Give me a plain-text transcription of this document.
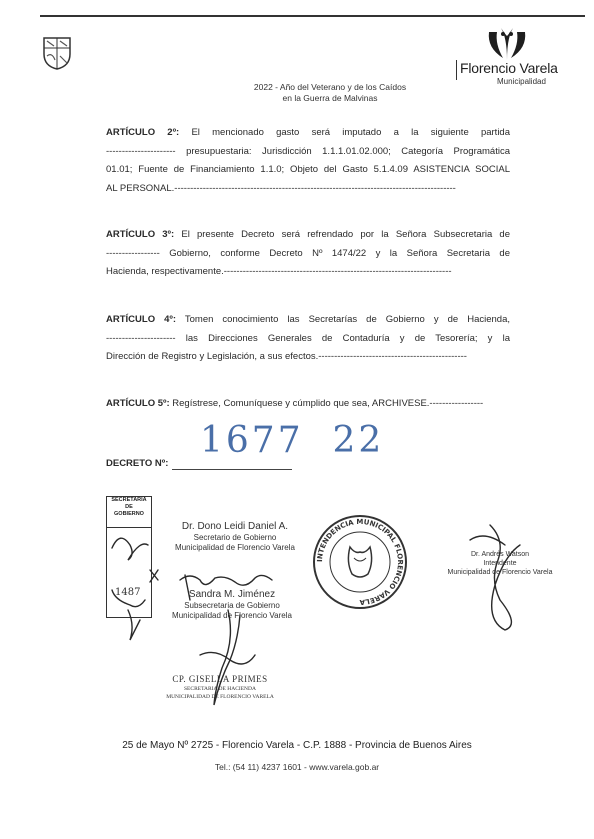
Florencio Varela
Municipalidad
2022 - Año del Veterano y de los Caídos
en la Guerra de Malvinas

ARTÍCULO 2º: El mencionado gasto será imputado a la siguiente partida

---------------------- presupuestaria: Jurisdicción 1.1.1.01.02.000; Categoría Programática

01.01; Fuente de Financiamiento 1.1.0; Objeto del Gasto 5.1.4.09 ASISTENCIA SOCIAL

AL PERSONAL.-----------------------------------------------------------------------------------------

ARTÍCULO 3º: El presente Decreto será refrendado por la Señora Subsecretaria de

----------------- Gobierno, conforme Decreto Nº 1474/22 y la Señora Secretaria de

Hacienda, respectivamente.------------------------------------------------------------------------

ARTÍCULO 4º: Tomen conocimiento las Secretarías de Gobierno y de Hacienda,

---------------------- las Direcciones Generales de Contaduría y de Tesorería; y la

Dirección de Registro y Legislación, a sus efectos.-----------------------------------------------

ARTÍCULO 5º: Regístrese, Comuníquese y cúmplido que sea, ARCHIVESE.-----------------

1677 22
DECRETO Nº:
SECRETARIA
DE
GOBIERNO
1487
Dr. Dono Leidi Daniel A.
Secretario de Gobierno
Municipalidad de Florencio Varela
Sandra M. Jiménez
Subsecretaria de Gobierno
Municipalidad de Florencio Varela
CP. GISELLA PRIMES
SECRETARIA DE HACIENDA
MUNICIPALIDAD DE FLORENCIO VARELA
Dr. Andrés Watson
Intendente
Municipalidad de Florencio Varela
INTENDENCIA MUNICIPAL FLORENCIO VARELA
25 de Mayo Nº 2725 - Florencio Varela - C.P. 1888 - Provincia de Buenos Aires
Tel.: (54 11) 4237 1601 - www.varela.gob.ar
